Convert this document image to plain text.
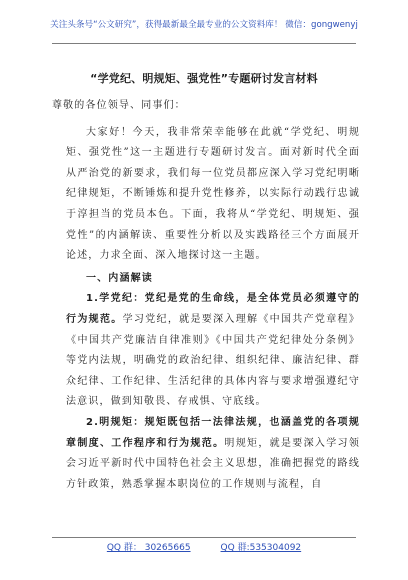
关注头条号“公文研究”，获得最新最全最专业的公文资料库！ 微信：gongwenyj
“学党纪、明规矩、强党性”专题研讨发言材料

尊敬的各位领导、同事们：

大家好！今天，我非常荣幸能够在此就“学党纪、明规矩、强党性”这一主题进行专题研讨发言。面对新时代全面从严治党的新要求，我们每一位党员都应深入学习党纪明晰纪律规矩，不断锤炼和提升党性修养，以实际行动践行忠诚于淳担当的党员本色。下面，我将从“学党纪、明规矩、强党性”的内涵解读、重要性分析以及实践路径三个方面展开论述，力求全面、深入地探讨这一主题。

一、内涵解读

1.学党纪：党纪是党的生命线，是全体党员必须遵守的行为规范。学习党纪，就是要深入理解《中国共产党章程》《中国共产党廉洁自律准则》《中国共产党纪律处分条例》等党内法规，明确党的政治纪律、组织纪律、廉洁纪律、群众纪律、工作纪律、生活纪律的具体内容与要求增强遵纪守法意识，做到知敬畏、存戒惧、守底线。

2.明规矩：规矩既包括一法律法规，也涵盖党的各项规章制度、工作程序和行为规范。明规矩，就是要深入学习领会习近平新时代中国特色社会主义思想，准确把握党的路线方针政策，熟悉掌握本职岗位的工作规则与流程，自

QQ 群： 30265665	QQ 群:535304092
